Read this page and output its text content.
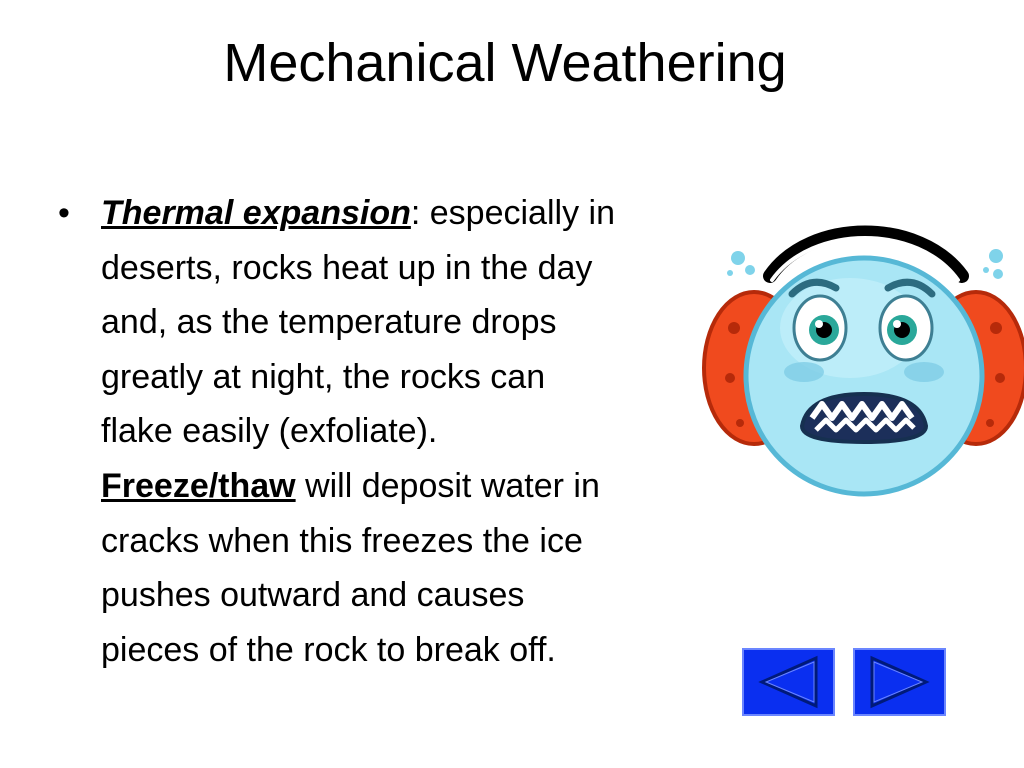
Mechanical Weathering
• Thermal expansion: especially in
deserts, rocks heat up in the day
and, as the temperature drops
greatly at night, the rocks can
flake easily (exfoliate).
Freeze/thaw will deposit water in
cracks when this freezes the ice
pushes outward and causes
pieces of the rock to break off.
